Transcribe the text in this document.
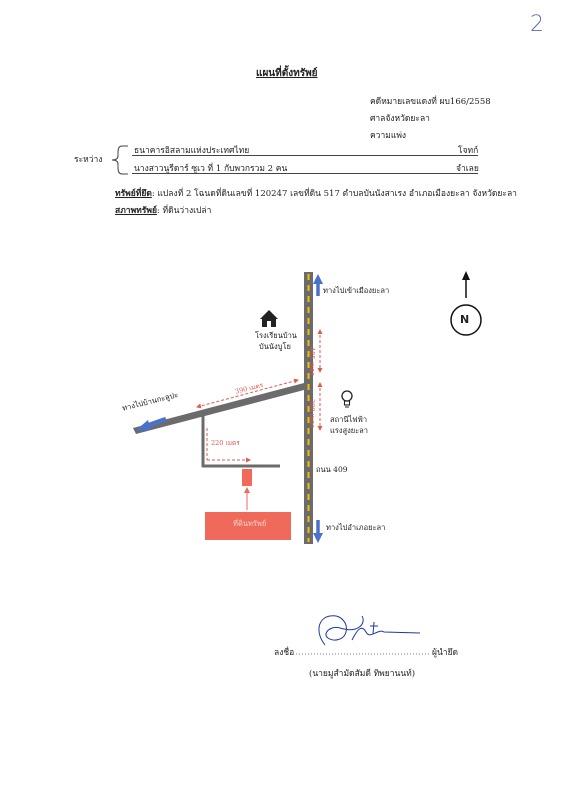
2
แผนที่ตั้งทรัพย์
คดีหมายเลขแดงที่ ผบ166/2558
ศาลจังหวัดยะลา
ความแพ่ง
ระหว่าง
ธนาคารอิสลามแห่งประเทศไทย	โจทก์
นางสาวนูรีดาร์ ซูเว ที่ 1 กับพวกรวม 2 คน	จำเลย
ทรัพย์ที่ยึด: แปลงที่ 2 โฉนดที่ดินเลขที่ 120247 เลขที่ดิน 517 ตำบลบันนังสาเรง อำเภอเมืองยะลา จังหวัดยะลา
สภาพทรัพย์: ที่ดินว่างเปล่า
N
ทางไปเข้าเมืองยะลา
ทางไปอำเภอยะลา
ทางไปบ้านกะลูปะ
โรงเรียนบ้าน
บันนังบูโย
สถานีไฟฟ้า
แรงสูงยะลา
ถนน 409
ที่ดินทรัพย์
485 เมตร
300 เมตร
390 เมตร
220 เมตร
ลงชื่อ	ผู้นำยึด
(นายมูสำมัดสัมดี ทิพยานนท์)
